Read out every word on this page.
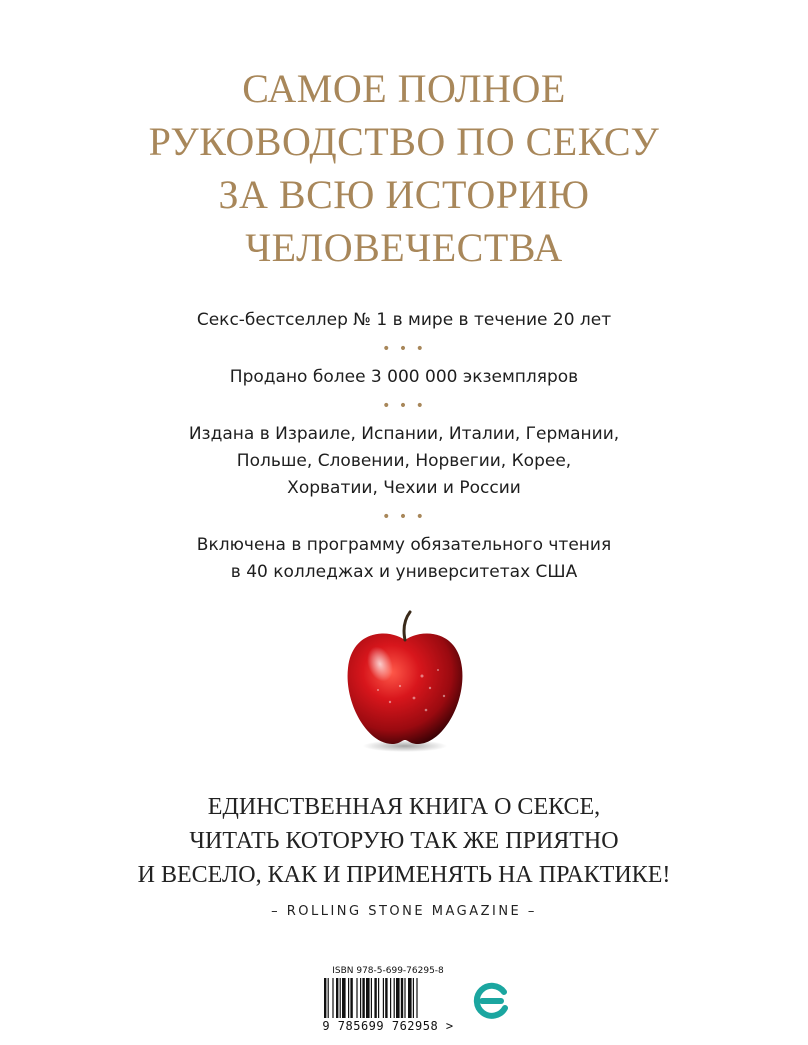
САМОЕ ПОЛНОЕ
РУКОВОДСТВО ПО СЕКСУ
ЗА ВСЮ ИСТОРИЮ
ЧЕЛОВЕЧЕСТВА
Секс-бестселлер № 1 в мире в течение 20 лет
• • •
Продано более 3 000 000 экземпляров
• • •
Издана в Израиле, Испании, Италии, Германии,
Польше, Словении, Норвегии, Корее,
Хорватии, Чехии и России
• • •
Включена в программу обязательного чтения
в 40 колледжах и университетах США
ЕДИНСТВЕННАЯ КНИГА О СЕКСЕ,
ЧИТАТЬ КОТОРУЮ ТАК ЖЕ ПРИЯТНО
И ВЕСЕЛО, КАК И ПРИМЕНЯТЬ НА ПРАКТИКЕ!
– ROLLING STONE MAGAZINE –
ISBN 978-5-699-76295-8
9 785699 762958 >
